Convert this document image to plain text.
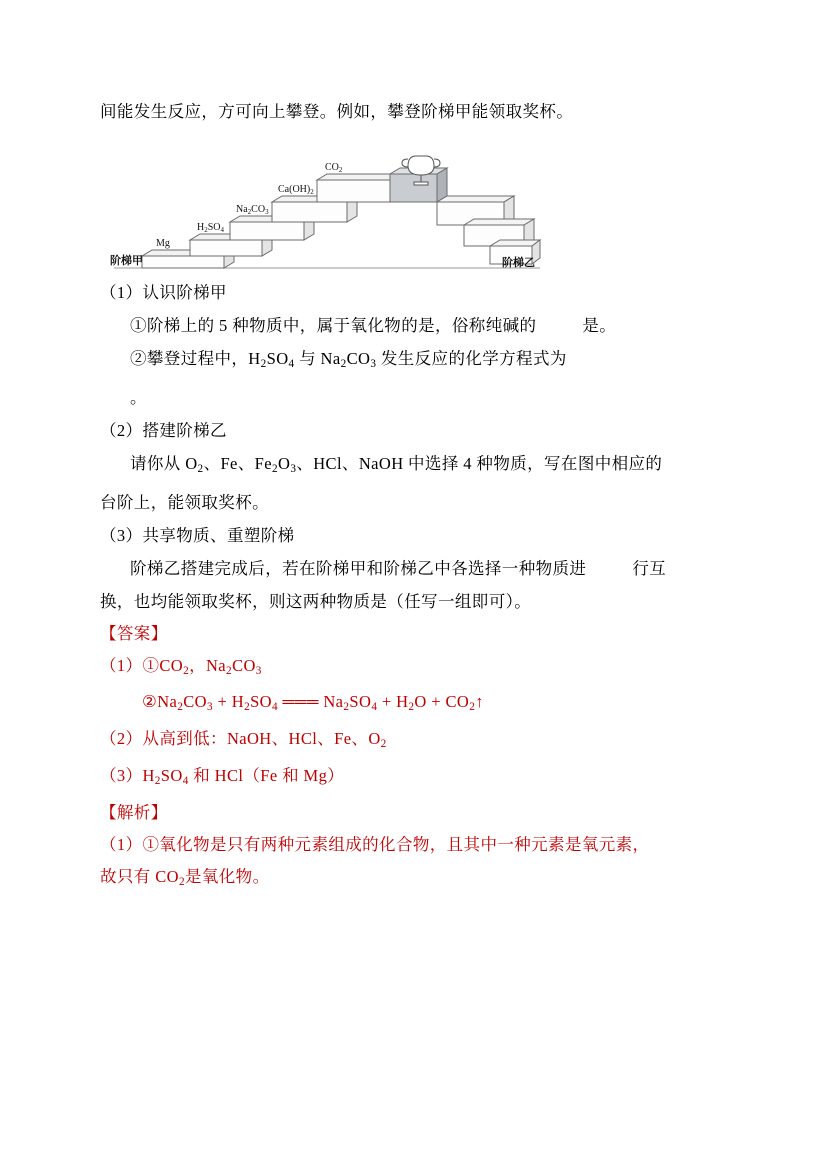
间能发生反应，方可向上攀登。例如，攀登阶梯甲能领取奖杯。
Mg
$H_2SO_4$
$Na_2CO_3$
$Ca(OH)_2$
$CO_2$
阶梯甲	阶梯乙
（1）认识阶梯甲
①阶梯上的 5 种物质中，属于氧化物的是，俗称纯碱的	是。
②攀登过程中，$H_2SO_4$ 与 $Na_2CO_3$ 发生反应的化学方程式为
。
（2）搭建阶梯乙
请你从 $O_2$、Fe、$Fe_2O_3$、HCl、NaOH 中选择 4 种物质，写在图中相应的
台阶上，能领取奖杯。
（3）共享物质、重塑阶梯
阶梯乙搭建完成后，若在阶梯甲和阶梯乙中各选择一种物质进	行互
换，也均能领取奖杯，则这两种物质是（任写一组即可）。
【答案】
$(1)①CO_2$，$Na_2CO_3$
$②Na_2CO_3 + H_2SO_4$ ═══ $Na_2SO_4 + H_2O$ + $CO_2↑$
（2）从高到低：NaOH、HCl、Fe、$O_2$
$(3)H_2SO_4$ 和 HCl（Fe 和 Mg）
【解析】
（1）①氧化物是只有两种元素组成的化合物，且其中一种元素是氧元素，
故只有 $CO_2$是氧化物。
